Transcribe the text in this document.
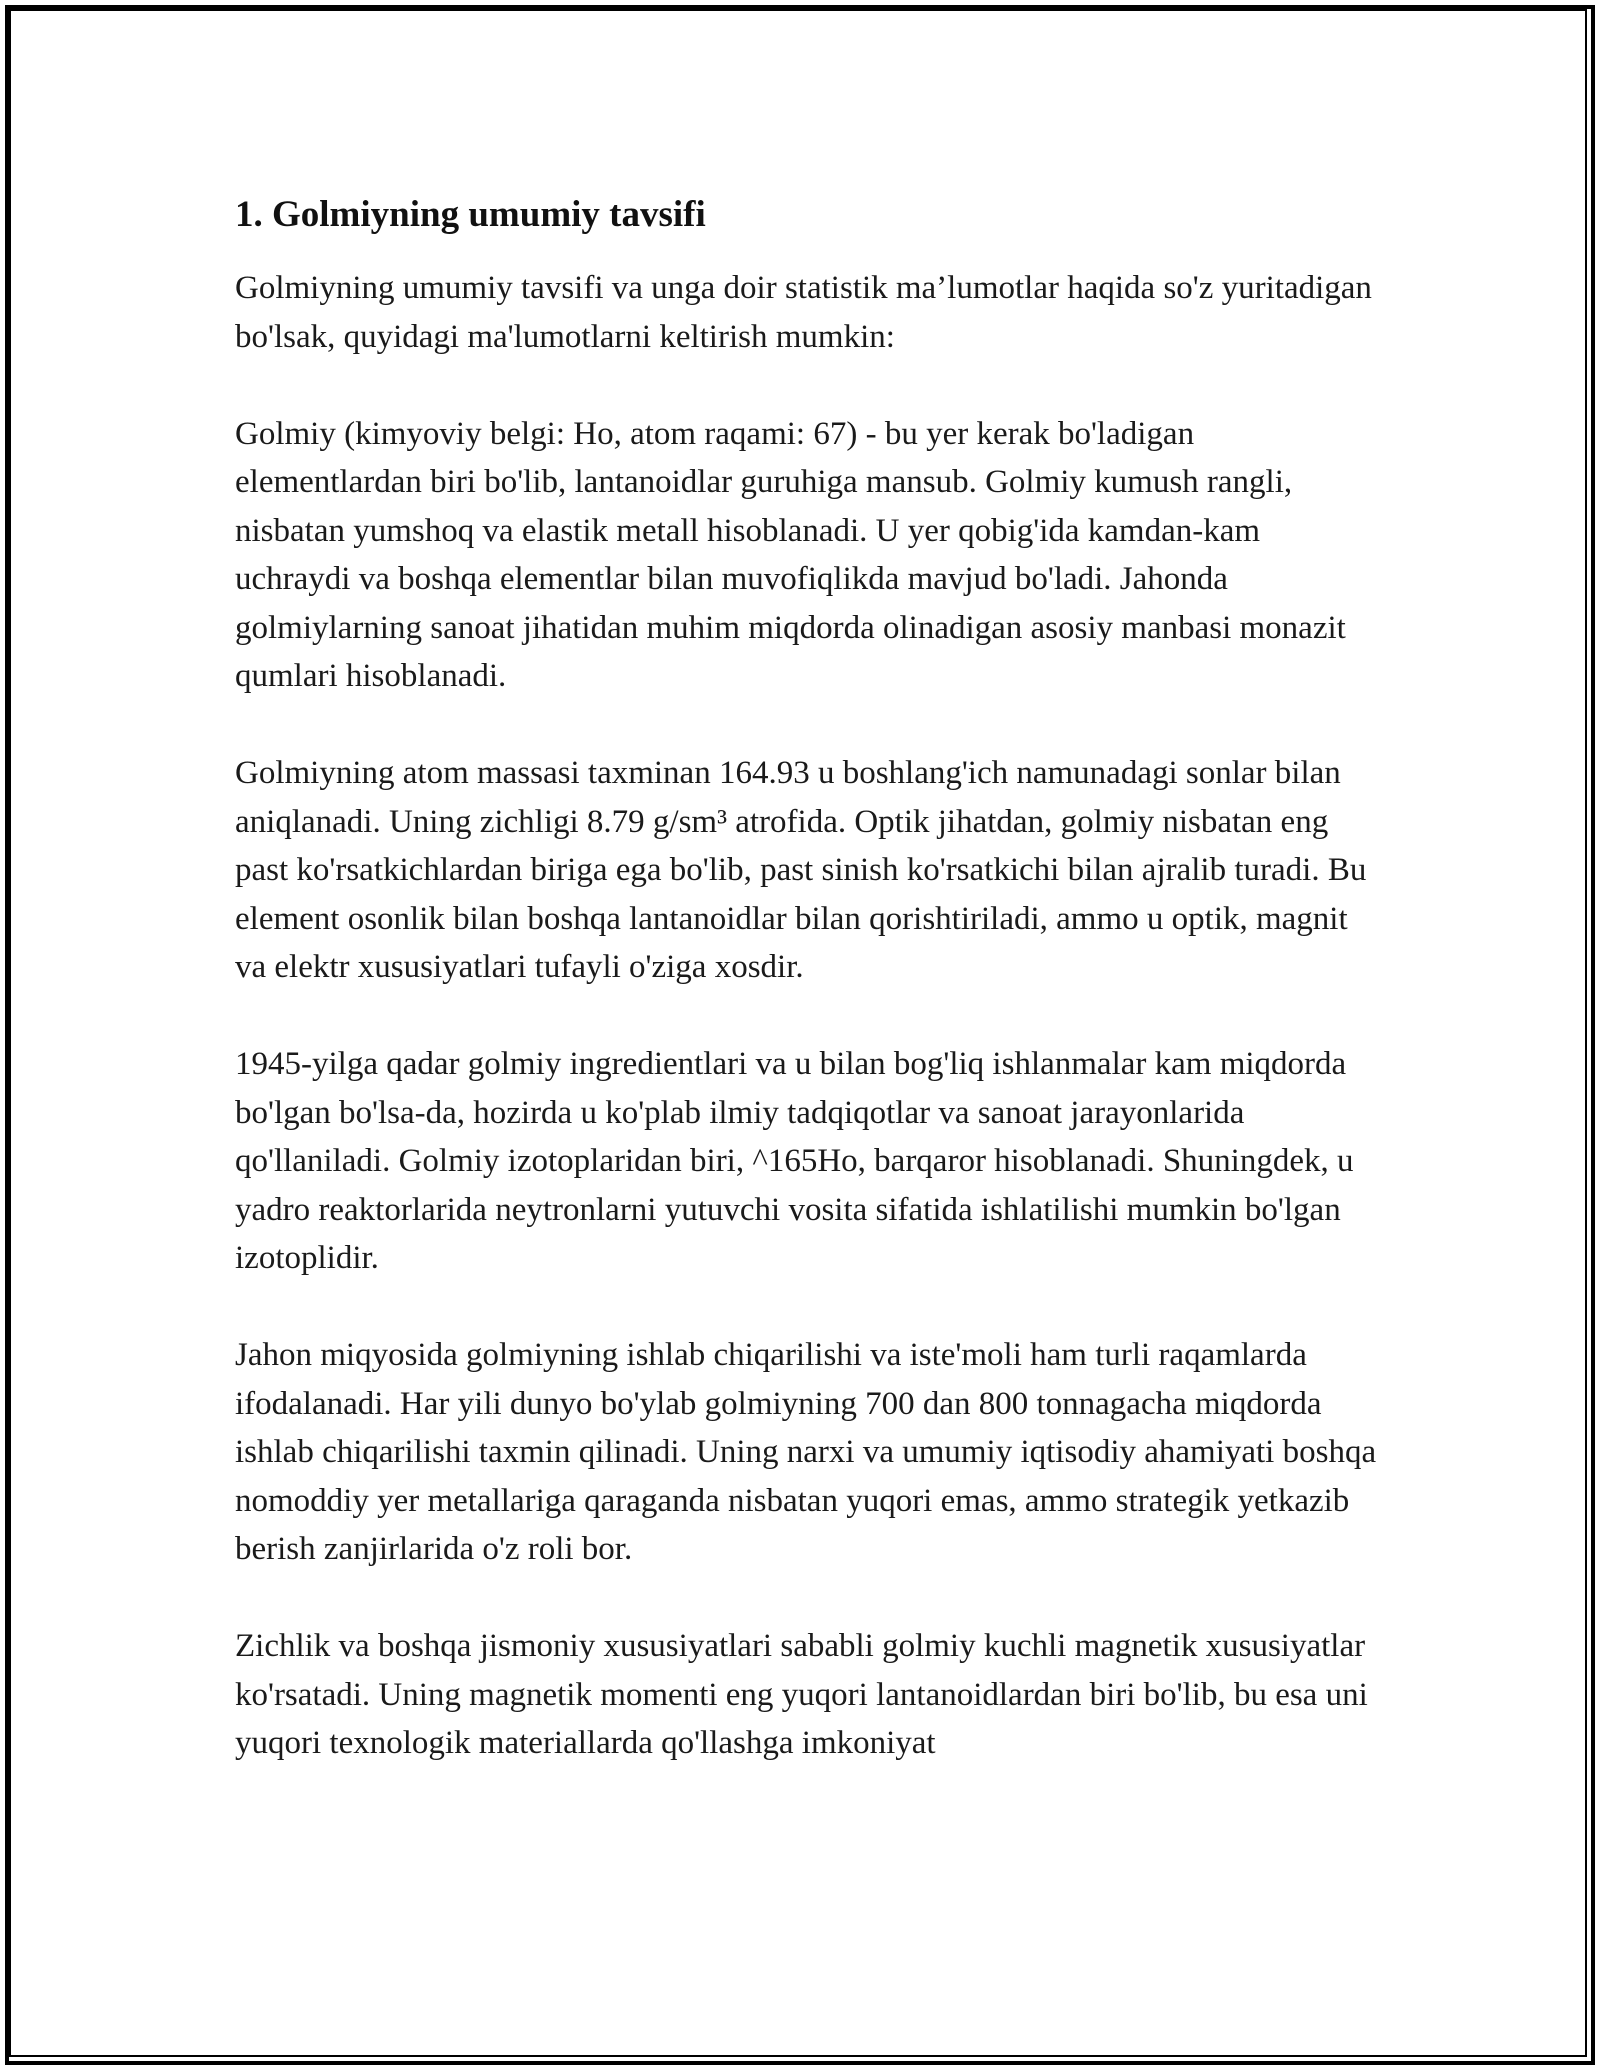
1. Golmiyning umumiy tavsifi

Golmiyning umumiy tavsifi va unga doir statistik ma’lumotlar haqida so'z yuritadigan bo'lsak, quyidagi ma'lumotlarni keltirish mumkin:

Golmiy (kimyoviy belgi: Ho, atom raqami: 67) - bu yer kerak bo'ladigan elementlardan biri bo'lib, lantanoidlar guruhiga mansub. Golmiy kumush rangli, nisbatan yumshoq va elastik metall hisoblanadi. U yer qobig'ida kamdan-kam uchraydi va boshqa elementlar bilan muvofiqlikda mavjud bo'ladi. Jahonda golmiylarning sanoat jihatidan muhim miqdorda olinadigan asosiy manbasi monazit qumlari hisoblanadi.

Golmiyning atom massasi taxminan 164.93 u boshlang'ich namunadagi sonlar bilan aniqlanadi. Uning zichligi 8.79 g/sm³ atrofida. Optik jihatdan, golmiy nisbatan eng past ko'rsatkichlardan biriga ega bo'lib, past sinish ko'rsatkichi bilan ajralib turadi. Bu element osonlik bilan boshqa lantanoidlar bilan qorishtiriladi, ammo u optik, magnit va elektr xususiyatlari tufayli o'ziga xosdir.

1945-yilga qadar golmiy ingredientlari va u bilan bog'liq ishlanmalar kam miqdorda bo'lgan bo'lsa-da, hozirda u ko'plab ilmiy tadqiqotlar va sanoat jarayonlarida qo'llaniladi. Golmiy izotoplaridan biri, ^165Ho, barqaror hisoblanadi. Shuningdek, u yadro reaktorlarida neytronlarni yutuvchi vosita sifatida ishlatilishi mumkin bo'lgan izotoplidir.

Jahon miqyosida golmiyning ishlab chiqarilishi va iste'moli ham turli raqamlarda ifodalanadi. Har yili dunyo bo'ylab golmiyning 700 dan 800 tonnagacha miqdorda ishlab chiqarilishi taxmin qilinadi. Uning narxi va umumiy iqtisodiy ahamiyati boshqa nomoddiy yer metallariga qaraganda nisbatan yuqori emas, ammo strategik yetkazib berish zanjirlarida o'z roli bor.

Zichlik va boshqa jismoniy xususiyatlari sababli golmiy kuchli magnetik xususiyatlar ko'rsatadi. Uning magnetik momenti eng yuqori lantanoidlardan biri bo'lib, bu esa uni yuqori texnologik materiallarda qo'llashga imkoniyat
